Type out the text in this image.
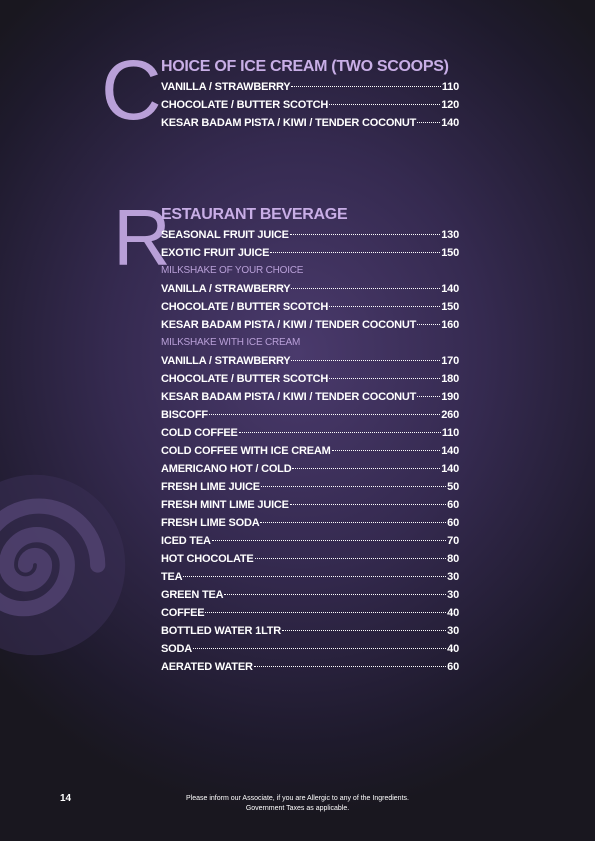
C HOICE OF ICE CREAM (TWO SCOOPS)
VANILLA / STRAWBERRY	110
CHOCOLATE / BUTTER SCOTCH	120
KESAR BADAM PISTA / KIWI / TENDER COCONUT 140
R
ESTAURANT BEVERAGE
SEASONAL FRUIT JUICE	130
EXOTIC FRUIT JUICE	150
MILKSHAKE OF YOUR CHOICE
VANILLA / STRAWBERRY	140
CHOCOLATE / BUTTER SCOTCH	150
KESAR BADAM PISTA / KIWI / TENDER COCONUT 160
MILKSHAKE WITH ICE CREAM
VANILLA / STRAWBERRY	170
CHOCOLATE / BUTTER SCOTCH	180
KESAR BADAM PISTA / KIWI / TENDER COCONUT 190
BISCOFF	260
COLD COFFEE	110
COLD COFFEE WITH ICE CREAM	140
AMERICANO HOT / COLD	140
FRESH LIME JUICE	50
FRESH MINT LIME JUICE	60
FRESH LIME SODA	60
ICED TEA	70
HOT CHOCOLATE	80
TEA	30
GREEN TEA	30
COFFEE	40
BOTTLED WATER 1LTR	30
SODA	40
AERATED WATER	60
14	Please inform our Associate, if you are Allergic to any of the Ingredients.
Government Taxes as applicable.
